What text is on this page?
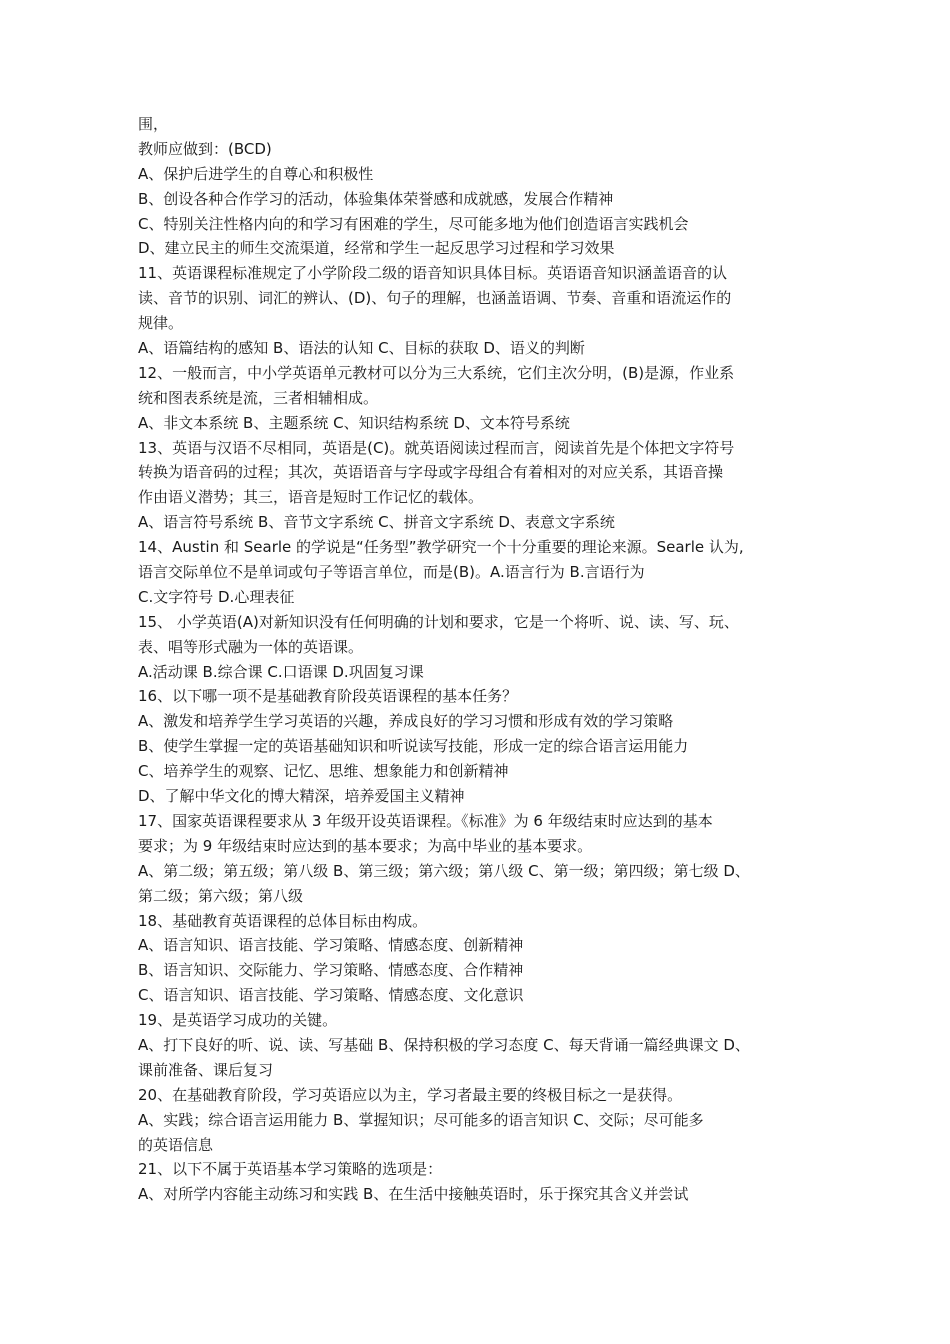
围，
教师应做到：(BCD)
A、保护后进学生的自尊心和积极性
B、创设各种合作学习的活动，体验集体荣誉感和成就感，发展合作精神
C、特别关注性格内向的和学习有困难的学生，尽可能多地为他们创造语言实践机会
D、建立民主的师生交流渠道，经常和学生一起反思学习过程和学习效果
11、英语课程标准规定了小学阶段二级的语音知识具体目标。英语语音知识涵盖语音的认
读、音节的识别、词汇的辨认、(D)、句子的理解，也涵盖语调、节奏、音重和语流运作的
规律。
A、语篇结构的感知 B、语法的认知 C、目标的获取 D、语义的判断
12、一般而言，中小学英语单元教材可以分为三大系统，它们主次分明，(B)是源，作业系
统和图表系统是流，三者相辅相成。
A、非文本系统 B、主题系统 C、知识结构系统 D、文本符号系统
13、英语与汉语不尽相同，英语是(C)。就英语阅读过程而言，阅读首先是个体把文字符号
转换为语音码的过程；其次，英语语音与字母或字母组合有着相对的对应关系，其语音操
作由语义潜势；其三，语音是短时工作记忆的载体。
A、语言符号系统 B、音节文字系统 C、拼音文字系统 D、表意文字系统
14、Austin 和 Searle 的学说是“任务型”教学研究一个十分重要的理论来源。Searle 认为,
语言交际单位不是单词或句子等语言单位，而是(B)。A.语言行为 B.言语行为
C.文字符号 D.心理表征
15、 小学英语(A)对新知识没有任何明确的计划和要求，它是一个将听、说、读、写、玩、
表、唱等形式融为一体的英语课。
A.活动课 B.综合课 C.口语课 D.巩固复习课
16、以下哪一项不是基础教育阶段英语课程的基本任务？
A、激发和培养学生学习英语的兴趣，养成良好的学习习惯和形成有效的学习策略
B、使学生掌握一定的英语基础知识和听说读写技能，形成一定的综合语言运用能力
C、培养学生的观察、记忆、思维、想象能力和创新精神
D、了解中华文化的博大精深，培养爱国主义精神
17、国家英语课程要求从 3 年级开设英语课程。《标准》为 6 年级结束时应达到的基本
要求；为 9 年级结束时应达到的基本要求；为高中毕业的基本要求。
A、第二级；第五级；第八级 B、第三级；第六级；第八级 C、第一级；第四级；第七级 D、
第二级；第六级；第八级
18、基础教育英语课程的总体目标由构成。
A、语言知识、语言技能、学习策略、情感态度、创新精神
B、语言知识、交际能力、学习策略、情感态度、合作精神
C、语言知识、语言技能、学习策略、情感态度、文化意识
19、是英语学习成功的关键。
A、打下良好的听、说、读、写基础 B、保持积极的学习态度 C、每天背诵一篇经典课文 D、
课前准备、课后复习
20、在基础教育阶段，学习英语应以为主，学习者最主要的终极目标之一是获得。
A、实践；综合语言运用能力 B、掌握知识；尽可能多的语言知识 C、交际；尽可能多
的英语信息
21、以下不属于英语基本学习策略的选项是：
A、对所学内容能主动练习和实践 B、在生活中接触英语时，乐于探究其含义并尝试
